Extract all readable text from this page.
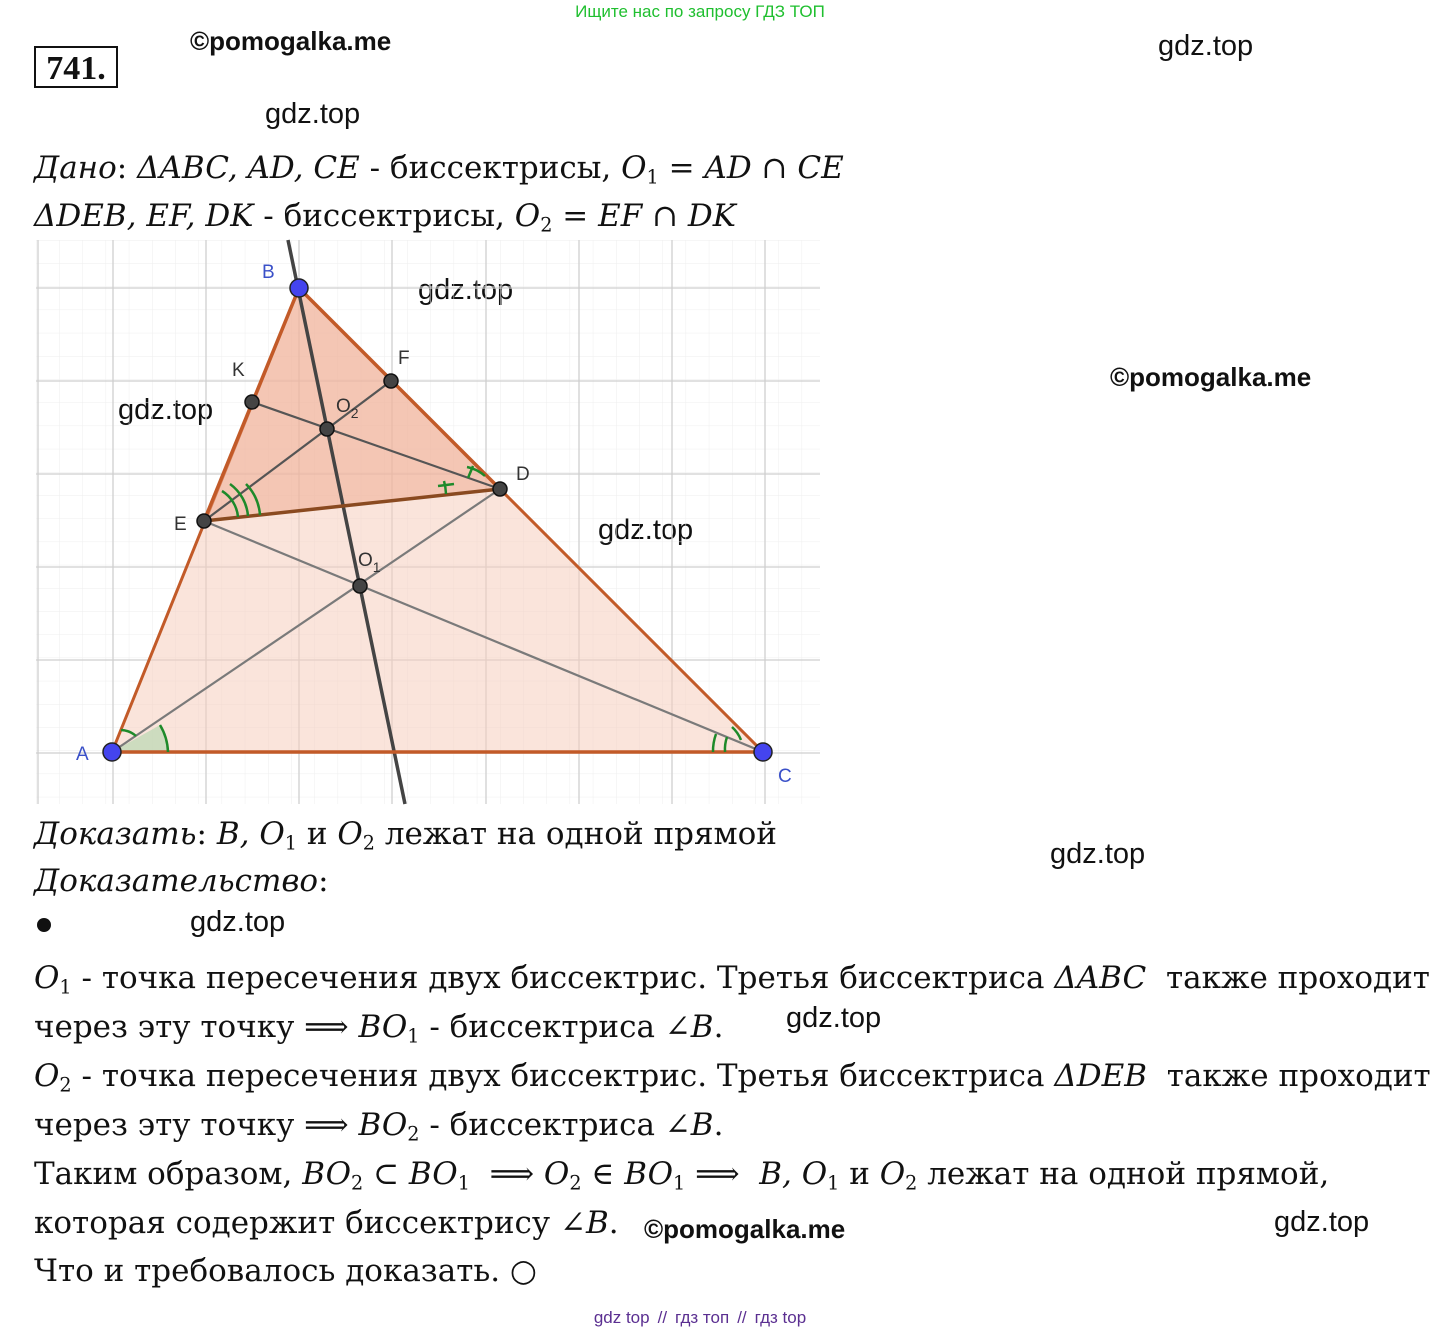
Ищите нас по запросу ГДЗ ТОП
741.
©pomogalka.me	gdz.top
gdz.top
©pomogalka.me
gdz.top
gdz.top
gdz.top
©pomogalka.me	gdz.top
Дано: ΔABC, AD, CE - биссектрисы, $O_1$ = AD ∩ CE
ΔDEB, EF, DK - биссектрисы, $O_2$ = EF ∩ DK
A
B
C
D
E
F
K
$O_1$
$O_2$
Доказать: B, $O_1$ и $O_2$ лежат на одной прямой
Доказательство:
$O_1$ - точка пересечения двух биссектрис. Третья биссектриса ΔABC  также проходит
через эту точку ⟹ $BO_1$ - биссектриса ∠B.
$O_2$ - точка пересечения двух биссектрис. Третья биссектриса ΔDEB  также проходит
через эту точку ⟹ $BO_2$ - биссектриса ∠B.
Таким образом, $BO_2$ ⊂ $BO_1$  ⟹ $O_2$ ∈ $BO_1$ ⟹  B, $O_1$ и $O_2$ лежат на одной прямой,
которая содержит биссектрису ∠B.
Что и требовалось доказать. ○
gdz top // гдз топ // гдз top
